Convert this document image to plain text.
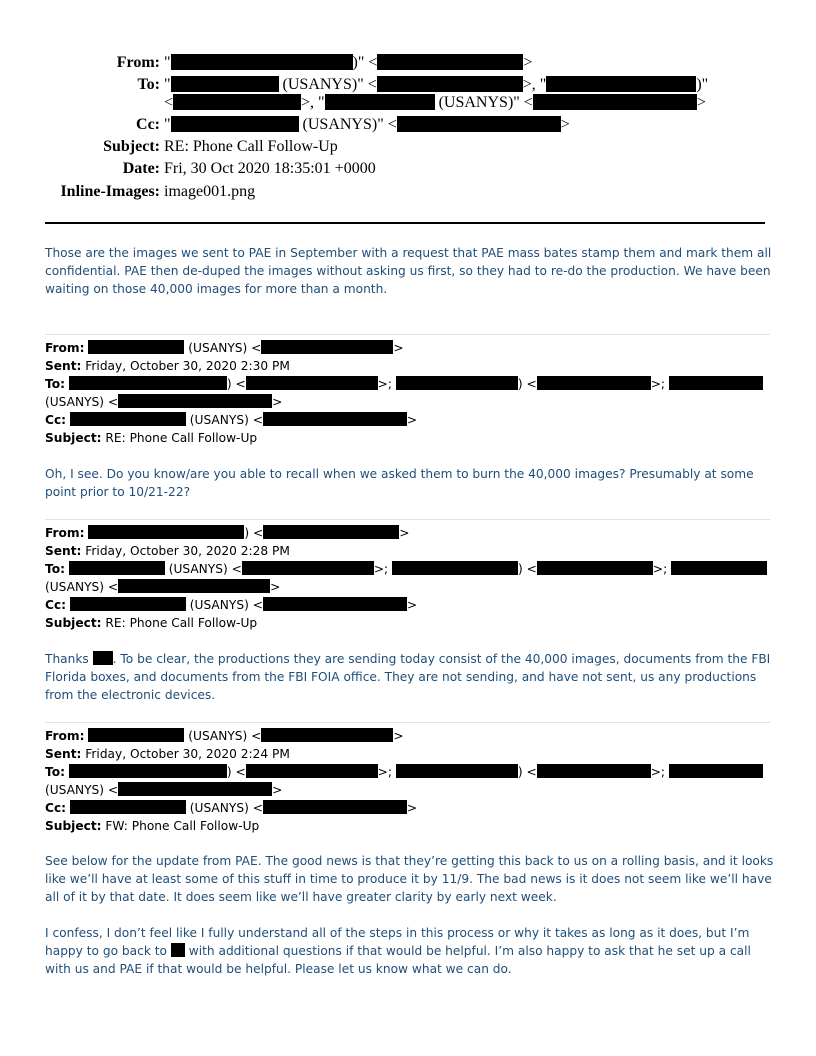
From: "	)" <	>
To: "	(USANYS)" <	>, "	)"
<	>, "	(USANYS)" <	>
Cc: "	(USANYS)" <	>
Subject: RE: Phone Call Follow-Up
Date: Fri, 30 Oct 2020 18:35:01 +0000
Inline-Images: image001.png

Those are the images we sent to PAE in September with a request that PAE mass bates stamp them and mark them all confidential. PAE then de-duped the images without asking us first, so they had to re-do the production. We have been waiting on those 40,000 images for more than a month.

From:	(USANYS) <	>
Sent: Friday, October 30, 2020 2:30 PM
To:	) <	>;	) <	>;
(USANYS) <	>
Cc:	(USANYS) <	>
Subject: RE: Phone Call Follow-Up

Oh, I see. Do you know/are you able to recall when we asked them to burn the 40,000 images? Presumably at some point prior to 10/21-22?

From:	) <	>
Sent: Friday, October 30, 2020 2:28 PM
To:	(USANYS) <	>;	) <	>;
(USANYS) <	>
Cc:	(USANYS) <	>
Subject: RE: Phone Call Follow-Up

Thanks . To be clear, the productions they are sending today consist of the 40,000 images, documents from the FBI Florida boxes, and documents from the FBI FOIA office. They are not sending, and have not sent, us any productions from the electronic devices.

From:	(USANYS) <	>
Sent: Friday, October 30, 2020 2:24 PM
To:	) <	>;	) <	>;
(USANYS) <	>
Cc:	(USANYS) <	>
Subject: FW: Phone Call Follow-Up

See below for the update from PAE. The good news is that they’re getting this back to us on a rolling basis, and it looks like we’ll have at least some of this stuff in time to produce it by 11/9. The bad news is it does not seem like we’ll have all of it by that date. It does seem like we’ll have greater clarity by early next week.

I confess, I don’t feel like I fully understand all of the steps in this process or why it takes as long as it does, but I’m happy to go back to with additional questions if that would be helpful. I’m also happy to ask that he set up a call with us and PAE if that would be helpful. Please let us know what we can do.
